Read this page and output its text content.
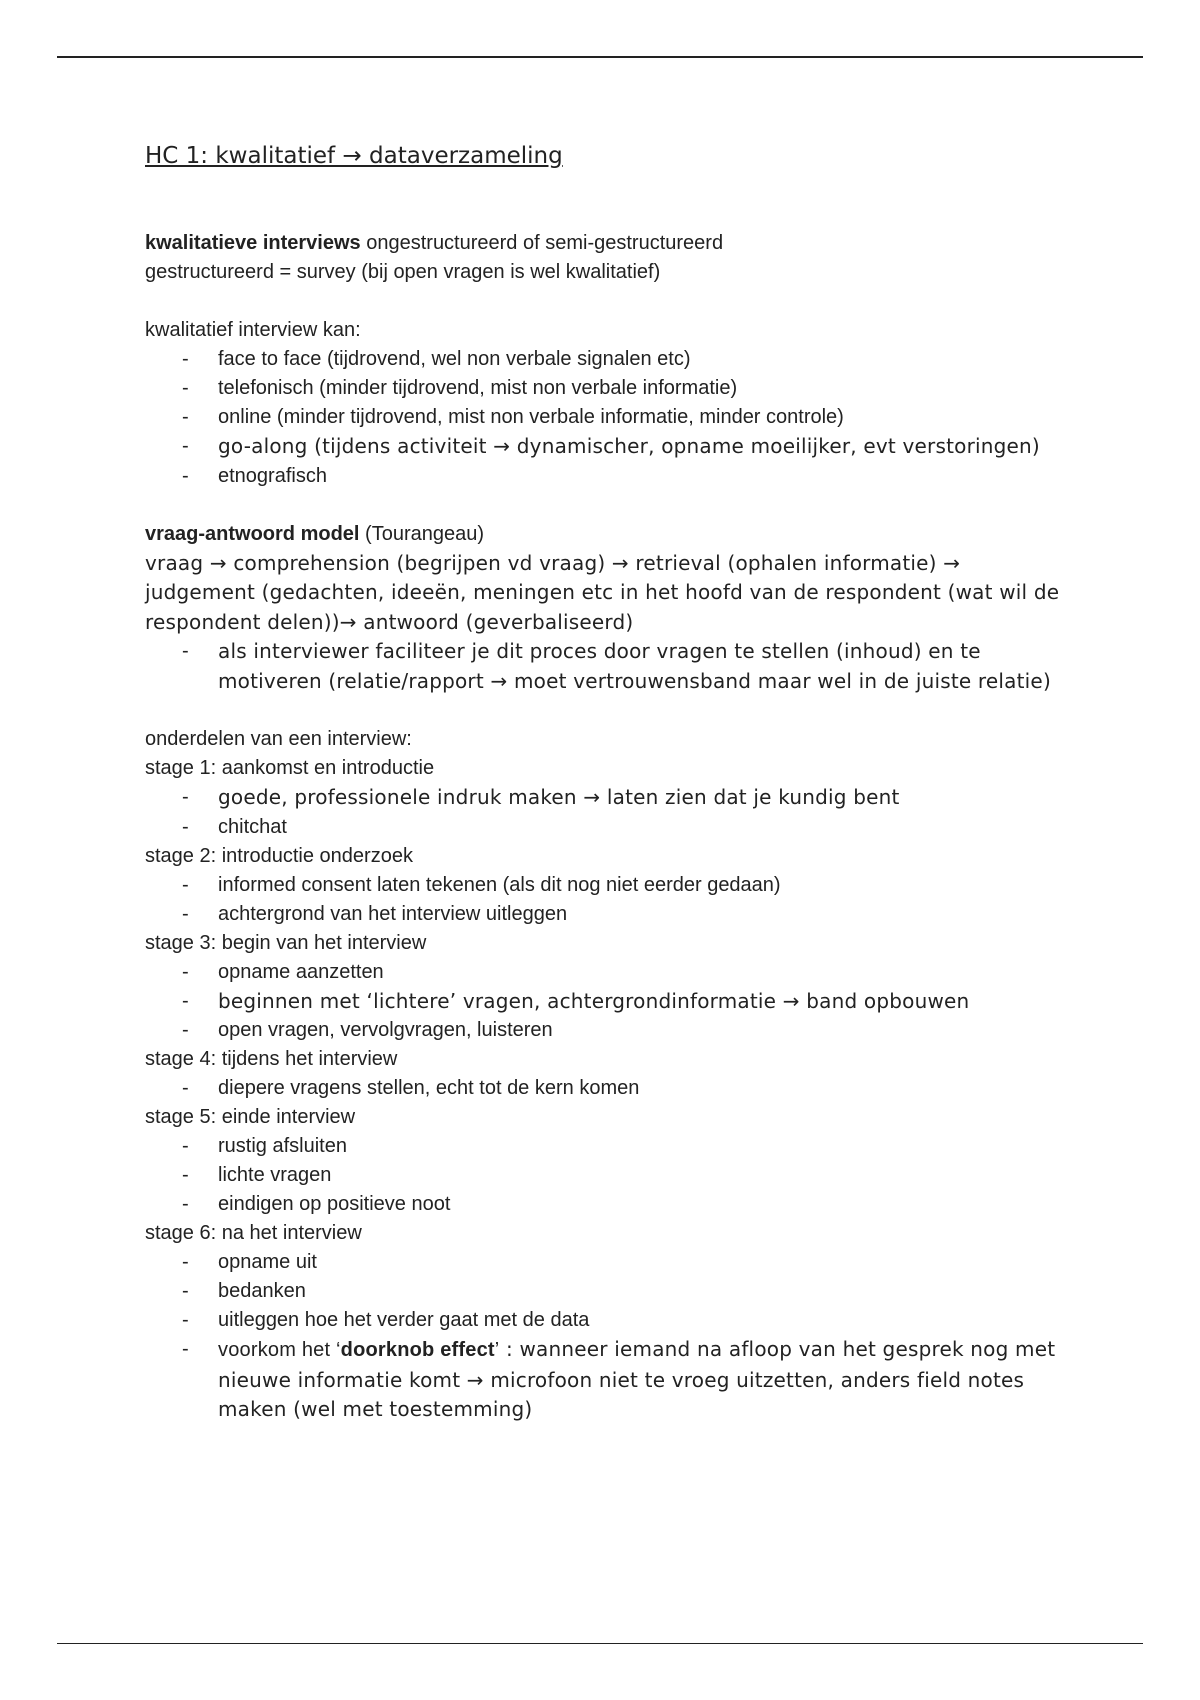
HC 1: kwalitatief → dataverzameling

kwalitatieve interviews ongestructureerd of semi-gestructureerd

gestructureerd = survey (bij open vragen is wel kwalitatief)

kwalitatief interview kan:

- face to face (tijdrovend, wel non verbale signalen etc)
- telefonisch (minder tijdrovend, mist non verbale informatie)
- online (minder tijdrovend, mist non verbale informatie, minder controle)
- go-along (tijdens activiteit → dynamischer, opname moeilijker, evt verstoringen)
- etnografisch

vraag-antwoord model (Tourangeau)

vraag → comprehension (begrijpen vd vraag) → retrieval (ophalen informatie) → judgement (gedachten, ideeën, meningen etc in het hoofd van de respondent (wat wil de respondent delen))→ antwoord (geverbaliseerd)

- als interviewer faciliteer je dit proces door vragen te stellen (inhoud) en te motiveren (relatie/rapport → moet vertrouwensband maar wel in de juiste relatie)

onderdelen van een interview:

stage 1: aankomst en introductie

- goede, professionele indruk maken → laten zien dat je kundig bent
- chitchat

stage 2: introductie onderzoek

- informed consent laten tekenen (als dit nog niet eerder gedaan)
- achtergrond van het interview uitleggen

stage 3: begin van het interview

- opname aanzetten
- beginnen met ‘lichtere’ vragen, achtergrondinformatie → band opbouwen
- open vragen, vervolgvragen, luisteren

stage 4: tijdens het interview

- diepere vragens stellen, echt tot de kern komen

stage 5: einde interview

- rustig afsluiten
- lichte vragen
- eindigen op positieve noot

stage 6: na het interview

- opname uit
- bedanken
- uitleggen hoe het verder gaat met de data
- voorkom het ‘doorknob effect’ : wanneer iemand na afloop van het gesprek nog met nieuwe informatie komt → microfoon niet te vroeg uitzetten, anders field notes maken (wel met toestemming)
